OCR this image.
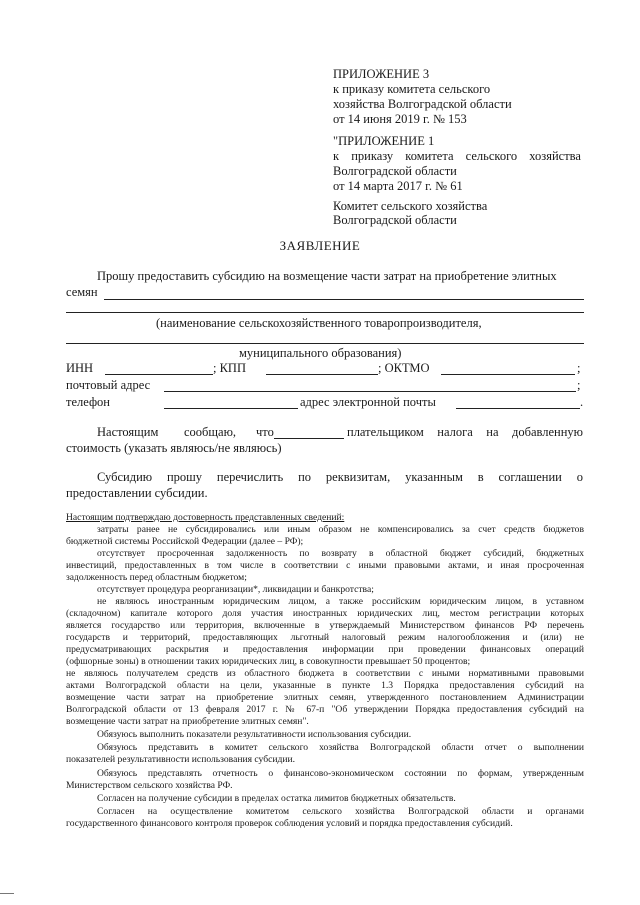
ПРИЛОЖЕНИЕ 3
к приказу комитета сельского
хозяйства Волгоградской области
от 14 июня 2019 г. № 153
"ПРИЛОЖЕНИЕ 1
к приказу комитета сельского хозяйства
Волгоградской области
от 14 марта 2017 г. № 61
Комитет сельского хозяйства
Волгоградской области
ЗАЯВЛЕНИЕ
Прошу предоставить субсидию на возмещение части затрат на приобретение элитных
семян
(наименование сельскохозяйственного товаропроизводителя,
муниципального образования)
ИНН	; КПП	; ОКТМО	;
почтовый адрес	;
телефон	адрес электронной почты	.
Настоящим сообщаю, что	плательщиком налога на добавленную
стоимость (указать являюсь/не являюсь)
Субсидию прошу перечислить по реквизитам, указанным в соглашении о
предоставлении субсидии.
Настоящим подтверждаю достоверность представленных сведений:
затраты ранее не субсидировались или иным образом не компенсировались за счет средств бюджетов
бюджетной системы Российской Федерации (далее – РФ);
отсутствует просроченная задолженность по возврату в областной бюджет субсидий, бюджетных
инвестиций, предоставленных в том числе в соответствии с иными правовыми актами, и иная просроченная
задолженность перед областным бюджетом;
отсутствует процедура реорганизации*, ликвидации и банкротства;
не являюсь иностранным юридическим лицом, а также российским юридическим лицом, в уставном
(складочном) капитале которого доля участия иностранных юридических лиц, местом регистрации которых
является государство или территория, включенные в утверждаемый Министерством финансов РФ перечень
государств и территорий, предоставляющих льготный налоговый режим налогообложения и (или) не
предусматривающих раскрытия и предоставления информации при проведении финансовых операций
(офшорные зоны) в отношении таких юридических лиц, в совокупности превышает 50 процентов;
не являюсь получателем средств из областного бюджета в соответствии с иными нормативными правовыми
актами Волгоградской области на цели, указанные в пункте 1.3 Порядка предоставления субсидий на
возмещение части затрат на приобретение элитных семян, утвержденного постановлением Администрации
Волгоградской области от 13 февраля 2017 г. № 67-п "Об утверждении Порядка предоставления субсидий на
возмещение части затрат на приобретение элитных семян".
Обязуюсь выполнить показатели результативности использования субсидии.
Обязуюсь представить в комитет сельского хозяйства Волгоградской области отчет о выполнении
показателей результативности использования субсидии.
Обязуюсь представлять отчетность о финансово-экономическом состоянии по формам, утвержденным
Министерством сельского хозяйства РФ.
Согласен на получение субсидии в пределах остатка лимитов бюджетных обязательств.
Согласен на осуществление комитетом сельского хозяйства Волгоградской области и органами
государственного финансового контроля проверок соблюдения условий и порядка предоставления субсидий.
